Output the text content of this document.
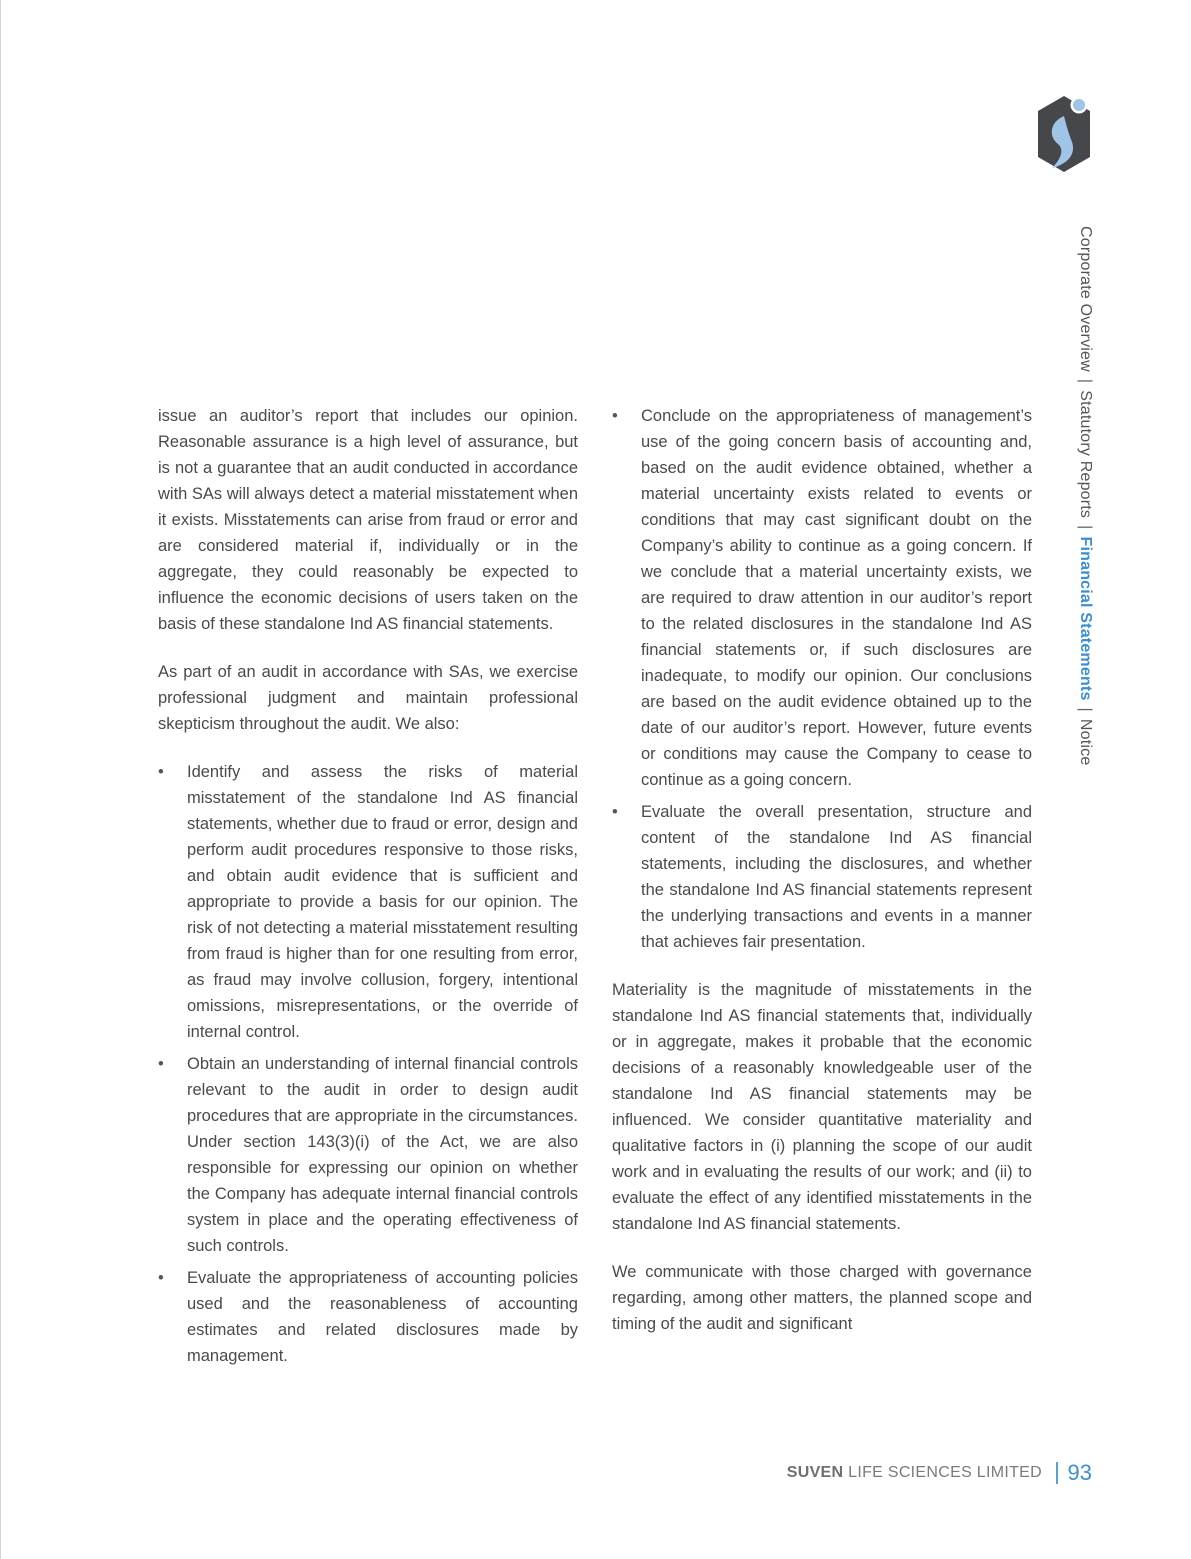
Corporate Overview|Statutory Reports|Financial Statements|Notice

issue an auditor’s report that includes our opinion. Reasonable assurance is a high level of assurance, but is not a guarantee that an audit conducted in accordance with SAs will always detect a material misstatement when it exists. Misstatements can arise from fraud or error and are considered material if, individually or in the aggregate, they could reasonably be expected to influence the economic decisions of users taken on the basis of these standalone Ind AS financial statements.

As part of an audit in accordance with SAs, we exercise professional judgment and maintain professional skepticism throughout the audit. We also:

• Identify and assess the risks of material misstatement of the standalone Ind AS financial statements, whether due to fraud or error, design and perform audit procedures responsive to those risks, and obtain audit evidence that is sufficient and appropriate to provide a basis for our opinion. The risk of not detecting a material misstatement resulting from fraud is higher than for one resulting from error, as fraud may involve collusion, forgery, intentional omissions, misrepresentations, or the override of internal control.
• Obtain an understanding of internal financial controls relevant to the audit in order to design audit procedures that are appropriate in the circumstances. Under section 143(3)(i) of the Act, we are also responsible for expressing our opinion on whether the Company has adequate internal financial controls system in place and the operating effectiveness of such controls.
• Evaluate the appropriateness of accounting policies used and the reasonableness of accounting estimates and related disclosures made by management.
• Conclude on the appropriateness of management’s use of the going concern basis of accounting and, based on the audit evidence obtained, whether a material uncertainty exists related to events or conditions that may cast significant doubt on the Company’s ability to continue as a going concern. If we conclude that a material uncertainty exists, we are required to draw attention in our auditor’s report to the related disclosures in the standalone Ind AS financial statements or, if such disclosures are inadequate, to modify our opinion. Our conclusions are based on the audit evidence obtained up to the date of our auditor’s report. However, future events or conditions may cause the Company to cease to continue as a going concern.
• Evaluate the overall presentation, structure and content of the standalone Ind AS financial statements, including the disclosures, and whether the standalone Ind AS financial statements represent the underlying transactions and events in a manner that achieves fair presentation.

Materiality is the magnitude of misstatements in the standalone Ind AS financial statements that, individually or in aggregate, makes it probable that the economic decisions of a reasonably knowledgeable user of the standalone Ind AS financial statements may be influenced. We consider quantitative materiality and qualitative factors in (i) planning the scope of our audit work and in evaluating the results of our work; and (ii) to evaluate the effect of any identified misstatements in the standalone Ind AS financial statements.

We communicate with those charged with governance regarding, among other matters, the planned scope and timing of the audit and significant

SUVEN LIFE SCIENCES LIMITED 93
